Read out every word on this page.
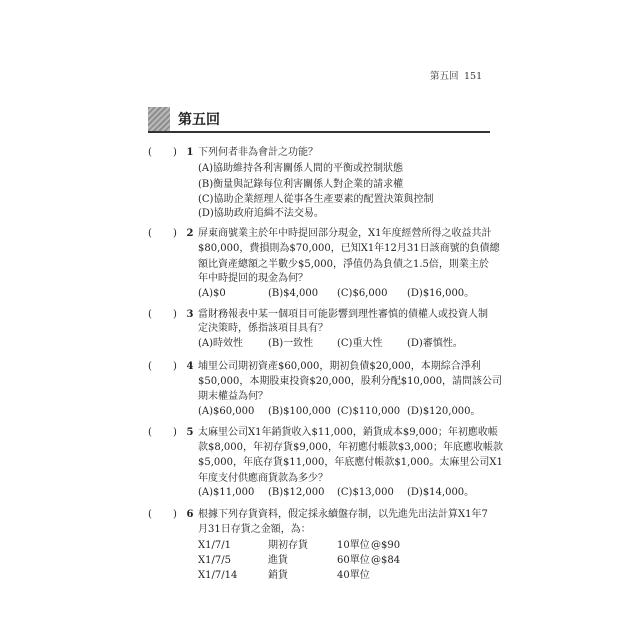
第五回 151
第五回
( ) 1 下列何者非為會計之功能？
(A)協助維持各利害關係人間的平衡或控制狀態
(B)衡量與記錄每位利害關係人對企業的請求權
(C)協助企業經理人從事各生產要素的配置決策與控制
(D)協助政府追緝不法交易。
( ) 2 屏東商號業主於年中時提回部分現金，X1年度經營所得之收益共計
$80,000，費損則為$70,000，已知X1年12月31日該商號的負債總
額比資產總額之半數少$5,000，淨值仍為負債之1.5倍，則業主於
年中時提回的現金為何？
(A)$0	(B)$4,000 (C)$6,000 (D)$16,000。
( ) 3 當財務報表中某一個項目可能影響到理性審慎的債權人或投資人制
定決策時，係指該項目具有？
(A)時效性 (B)一致性 (C)重大性 (D)審慎性。
( ) 4 埔里公司期初資產$60,000，期初負債$20,000，本期綜合淨利
$50,000，本期股東投資$20,000，股利分配$10,000，請問該公司
期末權益為何？
(A)$60,000 (B)$100,000 (C)$110,000 (D)$120,000。
( ) 5 太麻里公司X1年銷貨收入$11,000，銷貨成本$9,000；年初應收帳
款$8,000，年初存貨$9,000，年初應付帳款$3,000；年底應收帳款
$5,000，年底存貨$11,000，年底應付帳款$1,000。太麻里公司X1
年度支付供應商貨款為多少？
(A)$11,000 (B)$12,000 (C)$13,000 (D)$14,000。
( ) 6 根據下列存貨資料，假定採永續盤存制，以先進先出法計算X1年7
月31日存貨之金額，為：
X1/7/1	期初存貨	10單位 @$90
X1/7/5	進貨	60單位 @$84
X1/7/14	銷貨	40單位
